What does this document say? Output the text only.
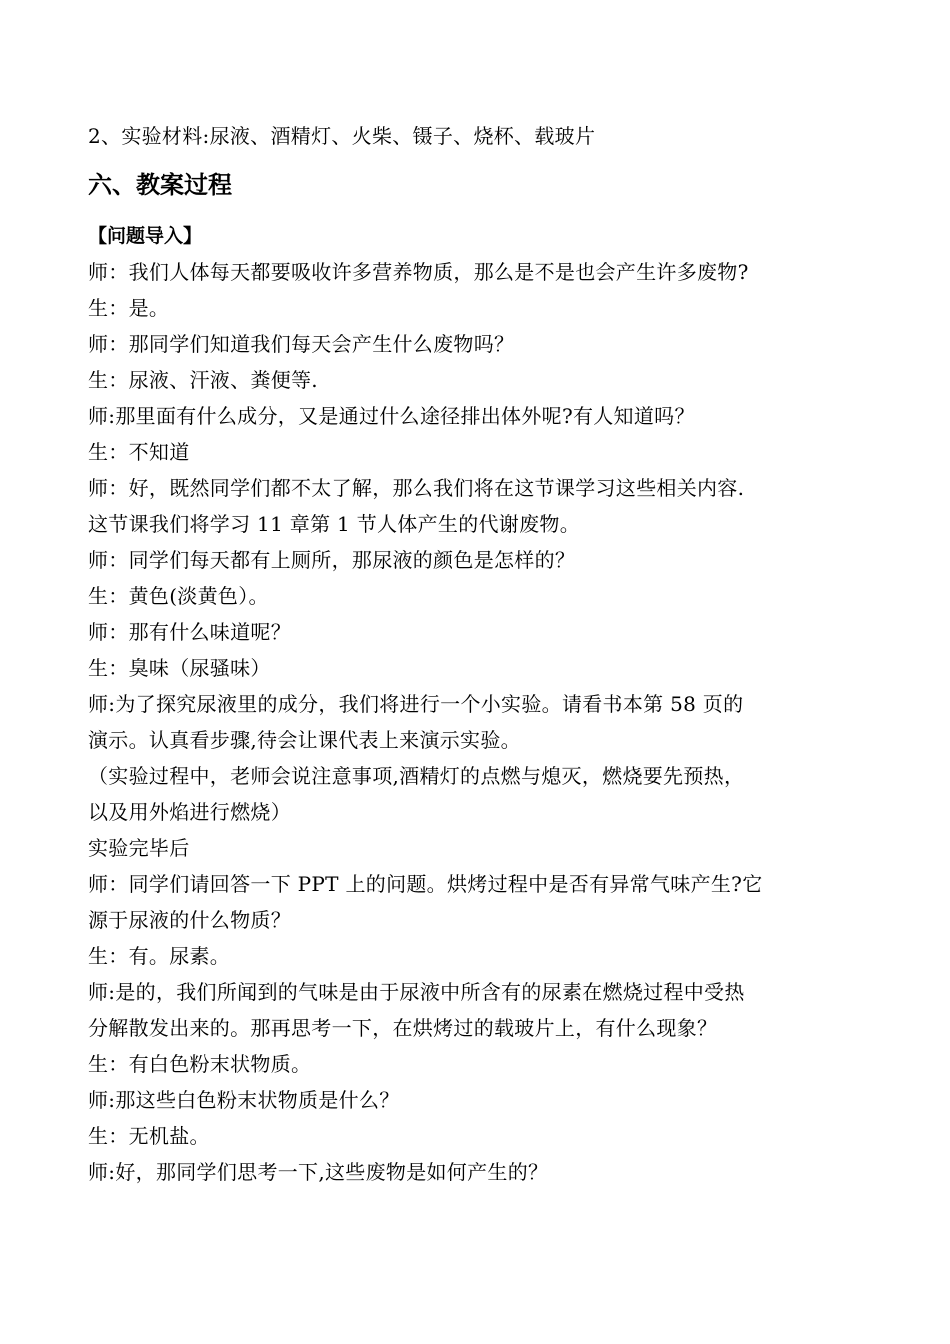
2、实验材料:尿液、酒精灯、火柴、镊子、烧杯、载玻片
六、教案过程
【问题导入】
师：我们人体每天都要吸收许多营养物质，那么是不是也会产生许多废物?
生：是。
师：那同学们知道我们每天会产生什么废物吗？
生：尿液、汗液、粪便等.
师:那里面有什么成分，又是通过什么途径排出体外呢?有人知道吗？
生：不知道
师：好，既然同学们都不太了解，那么我们将在这节课学习这些相关内容.
这节课我们将学习 11 章第 1 节人体产生的代谢废物。
师：同学们每天都有上厕所，那尿液的颜色是怎样的？
生：黄色(淡黄色）。
师：那有什么味道呢？
生：臭味（尿骚味）
师:为了探究尿液里的成分，我们将进行一个小实验。请看书本第 58 页的
演示。认真看步骤,待会让课代表上来演示实验。
（实验过程中，老师会说注意事项,酒精灯的点燃与熄灭，燃烧要先预热，
以及用外焰进行燃烧）
实验完毕后
师：同学们请回答一下 PPT 上的问题。烘烤过程中是否有异常气味产生?它
源于尿液的什么物质？
生：有。尿素。
师:是的，我们所闻到的气味是由于尿液中所含有的尿素在燃烧过程中受热
分解散发出来的。那再思考一下，在烘烤过的载玻片上，有什么现象？
生：有白色粉末状物质。
师:那这些白色粉末状物质是什么？
生：无机盐。
师:好，那同学们思考一下,这些废物是如何产生的？
